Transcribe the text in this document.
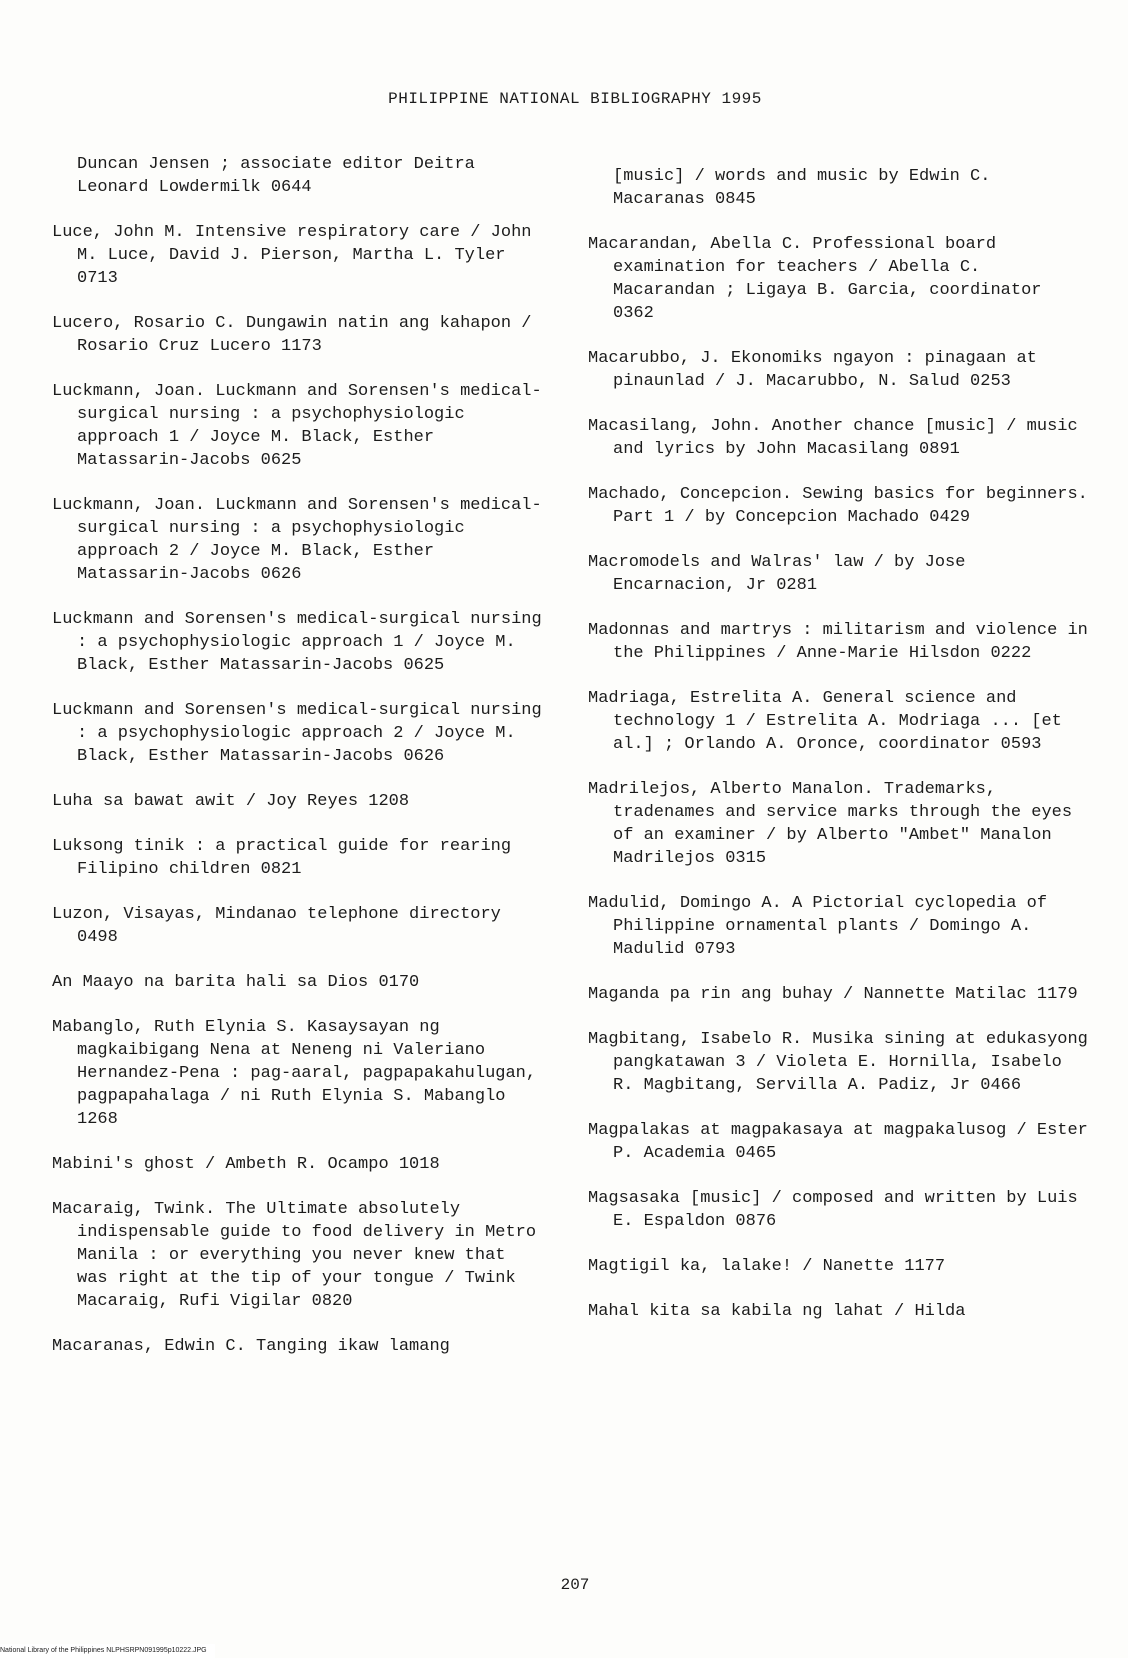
PHILIPPINE NATIONAL BIBLIOGRAPHY 1995
Duncan Jensen ; associate editor Deitra Leonard Lowdermilk 0644
Luce, John M. Intensive respiratory care / John M. Luce, David J. Pierson, Martha L. Tyler 0713
Lucero, Rosario C. Dungawin natin ang kahapon / Rosario Cruz Lucero 1173
Luckmann, Joan. Luckmann and Sorensen's medical-surgical nursing : a psychophysiologic approach 1 / Joyce M. Black, Esther Matassarin-Jacobs 0625
Luckmann, Joan. Luckmann and Sorensen's medical-surgical nursing : a psychophysiologic approach 2 / Joyce M. Black, Esther Matassarin-Jacobs 0626
Luckmann and Sorensen's medical-surgical nursing : a psychophysiologic approach 1 / Joyce M. Black, Esther Matassarin-Jacobs 0625
Luckmann and Sorensen's medical-surgical nursing : a psychophysiologic approach 2 / Joyce M. Black, Esther Matassarin-Jacobs 0626
Luha sa bawat awit / Joy Reyes 1208
Luksong tinik : a practical guide for rearing Filipino children 0821
Luzon, Visayas, Mindanao telephone directory 0498
An Maayo na barita hali sa Dios 0170
Mabanglo, Ruth Elynia S. Kasaysayan ng magkaibigang Nena at Neneng ni Valeriano Hernandez-Pena : pag-aaral, pagpapakahulugan, pagpapahalaga / ni Ruth Elynia S. Mabanglo 1268
Mabini's ghost / Ambeth R. Ocampo 1018
Macaraig, Twink. The Ultimate absolutely indispensable guide to food delivery in Metro Manila : or everything you never knew that was right at the tip of your tongue / Twink Macaraig, Rufi Vigilar 0820
Macaranas, Edwin C. Tanging ikaw lamang
[music] / words and music by Edwin C. Macaranas 0845
Macarandan, Abella C. Professional board examination for teachers / Abella C. Macarandan ; Ligaya B. Garcia, coordinator 0362
Macarubbo, J. Ekonomiks ngayon : pinagaan at pinaunlad / J. Macarubbo, N. Salud 0253
Macasilang, John. Another chance [music] / music and lyrics by John Macasilang 0891
Machado, Concepcion. Sewing basics for beginners. Part 1 / by Concepcion Machado 0429
Macromodels and Walras' law / by Jose Encarnacion, Jr 0281
Madonnas and martrys : militarism and violence in the Philippines / Anne-Marie Hilsdon 0222
Madriaga, Estrelita A. General science and technology 1 / Estrelita A. Modriaga ... [et al.] ; Orlando A. Oronce, coordinator 0593
Madrilejos, Alberto Manalon. Trademarks, tradenames and service marks through the eyes of an examiner / by Alberto "Ambet" Manalon Madrilejos 0315
Madulid, Domingo A. A Pictorial cyclopedia of Philippine ornamental plants / Domingo A. Madulid 0793
Maganda pa rin ang buhay / Nannette Matilac 1179
Magbitang, Isabelo R. Musika sining at edukasyong pangkatawan 3 / Violeta E. Hornilla, Isabelo R. Magbitang, Servilla A. Padiz, Jr 0466
Magpalakas at magpakasaya at magpakalusog / Ester P. Academia 0465
Magsasaka [music] / composed and written by Luis E. Espaldon 0876
Magtigil ka, lalake! / Nanette 1177
Mahal kita sa kabila ng lahat / Hilda
207
National Library of the Philippines NLPHSRPN091995p10222.JPG
